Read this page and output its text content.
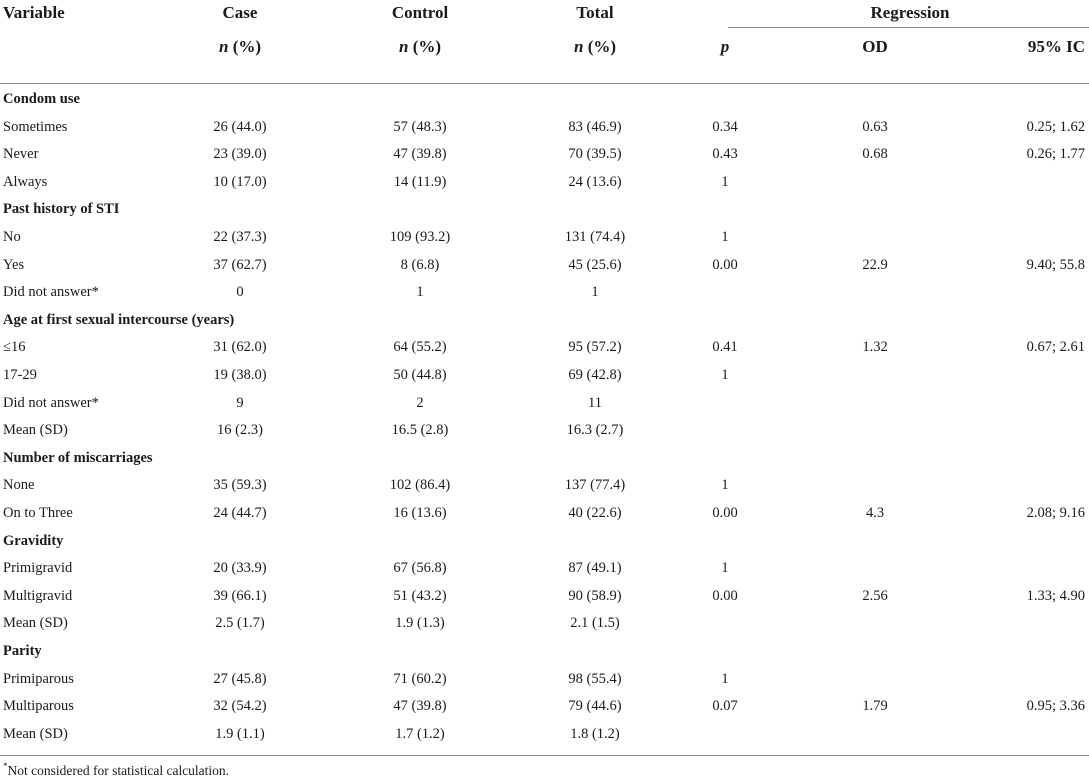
Variable	Case	Control	Total	Regression
n (%)	n (%)	n (%)	p	OD	95% IC
Condom use
Sometimes	26 (44.0)	57 (48.3)	83 (46.9)	0.34	0.63	0.25; 1.62
Never	23 (39.0)	47 (39.8)	70 (39.5)	0.43	0.68	0.26; 1.77
Always	10 (17.0)	14 (11.9)	24 (13.6)	1
Past history of STI
No	22 (37.3)	109 (93.2)	131 (74.4)	1
Yes	37 (62.7)	8 (6.8)	45 (25.6)	0.00	22.9	9.40; 55.8
Did not answer*	0	1	1
Age at first sexual intercourse (years)
≤16	31 (62.0)	64 (55.2)	95 (57.2)	0.41	1.32	0.67; 2.61
17-29	19 (38.0)	50 (44.8)	69 (42.8)	1
Did not answer*	9	2	11
Mean (SD)	16 (2.3)	16.5 (2.8)	16.3 (2.7)
Number of miscarriages
None	35 (59.3)	102 (86.4)	137 (77.4)	1
On to Three	24 (44.7)	16 (13.6)	40 (22.6)	0.00	4.3	2.08; 9.16
Gravidity
Primigravid	20 (33.9)	67 (56.8)	87 (49.1)	1
Multigravid	39 (66.1)	51 (43.2)	90 (58.9)	0.00	2.56	1.33; 4.90
Mean (SD)	2.5 (1.7)	1.9 (1.3)	2.1 (1.5)
Parity
Primiparous	27 (45.8)	71 (60.2)	98 (55.4)	1
Multiparous	32 (54.2)	47 (39.8)	79 (44.6)	0.07	1.79	0.95; 3.36
Mean (SD)	1.9 (1.1)	1.7 (1.2)	1.8 (1.2)
*Not considered for statistical calculation.
